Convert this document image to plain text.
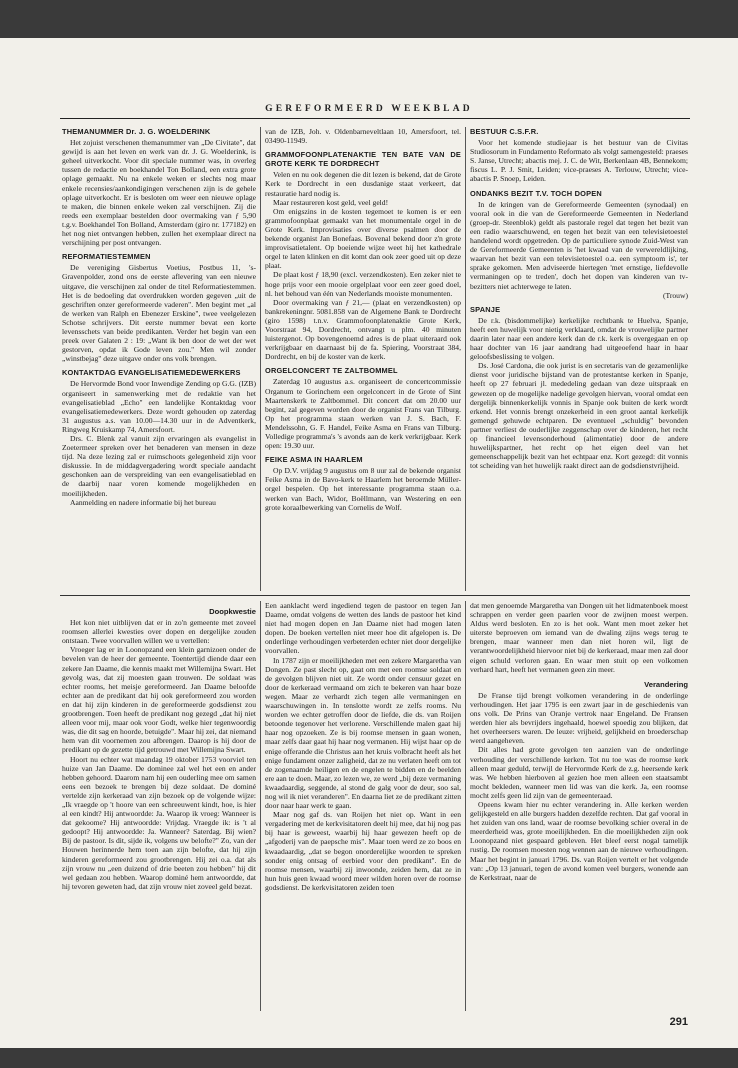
GEREFORMEERD WEEKBLAD
THEMANUMMER Dr. J. G. WOELDERINK

Het zojuist verschenen themanummer van „De Civitate", dat gewijd is aan het leven en werk van dr. J. G. Woelderink, is geheel uitverkocht. Voor dit speciale nummer was, in overleg tussen de redactie en boekhandel Ton Bolland, een extra grote oplage gemaakt. Nu na enkele weken er slechts nog maar enkele recensies/aankondigingen verschenen zijn is de gehele oplage uitverkocht. Er is besloten om weer een nieuwe oplage te maken, die binnen enkele weken zal verschijnen. Zij die reeds een exemplaar bestelden door overmaking van ƒ 5,90 t.g.v. Boekhandel Ton Bolland, Amsterdam (giro nr. 177182) en het nog niet ontvangen hebben, zullen het exemplaar direct na verschijning per post ontvangen.

REFORMATIESTEMMEN

De vereniging Gisbertus Voetius, Postbus 11, 's-Gravenpolder, zond ons de eerste aflevering van een nieuwe uitgave, die verschijnen zal onder de titel Reformatiestemmen. Het is de bedoeling dat overdrukken worden gegeven „uit de geschriften onzer gereformeerde vaderen". Men begint met „al de werken van Ralph en Ebenezer Erskine", twee veelgelezen Schotse schrijvers. Dit eerste nummer bevat een korte levensschets van beide predikanten. Verder het begin van een preek over Galaten 2 : 19: „Want ik ben door de wet der wet gestorven, opdat ik Gode leven zou." Men wil zonder „winstbejag" deze uitgave onder ons volk brengen.

KONTAKTDAG EVANGELISATIEMEDEWERKERS

De Hervormde Bond voor Inwendige Zending op G.G. (IZB) organiseert in samenwerking met de redaktie van het evangelisatieblad „Echo" een landelijke Kontaktdag voor evangelisatiemedewerkers. Deze wordt gehouden op zaterdag 31 augustus a.s. van 10.00—14.30 uur in de Adventkerk, Ringweg Kruiskamp 74, Amersfoort.

Drs. C. Blenk zal vanuit zijn ervaringen als evangelist in Zoetermeer spreken over het benaderen van mensen in deze tijd. Na deze lezing zal er ruimschoots gelegenheid zijn voor diskussie. In de middagvergadering wordt speciale aandacht geschonken aan de verspreiding van een evangelisatieblad en de daarbij naar voren komende mogelijkheden en moeilijkheden.

Aanmelding en nadere informatie bij het bureau

van de IZB, Joh. v. Oldenbarneveltlaan 10, Amersfoort, tel. 03490-11949.

GRAMMOFOONPLATENAKTIE TEN BATE VAN DE GROTE KERK TE DORDRECHT

Velen en nu ook degenen die dit lezen is bekend, dat de Grote Kerk te Dordrecht in een dusdanige staat verkeert, dat restauratie hard nodig is.

Maar restaureren kost geld, veel geld!

Om enigszins in de kosten tegemoet te komen is er een grammofoonplaat gemaakt van het monumentale orgel in de Grote Kerk. Improvisaties over diverse psalmen door de bekende organist Jan Bonefaas. Bovenal bekend door z'n grote improvisatietalent. Op boeiende wijze weet hij het kathedrale orgel te laten klinken en dit komt dan ook zeer goed uit op deze plaat.

De plaat kost ƒ 18,90 (excl. verzendkosten). Een zeker niet te hoge prijs voor een mooie orgelplaat voor een zeer goed doel, nl. het behoud van één van Nederlands mooiste monumenten.

Door overmaking van ƒ 21,— (plaat en verzendkosten) op bankrekeningnr. 5081.858 van de Algemene Bank te Dordrecht (giro 1598) t.n.v. Grammofoonplatenaktie Grote Kerk, Voorstraat 94, Dordrecht, ontvangt u plm. 40 minuten luistergenot. Op bovengenoemd adres is de plaat uiteraard ook verkrijgbaar en daarnaast bij de fa. Spiering, Voorstraat 384, Dordrecht, en bij de koster van de kerk.

ORGELCONCERT TE ZALTBOMMEL

Zaterdag 10 augustus a.s. organiseert de concertcommissie Organum te Gorinchem een orgelconcert in de Grote of Sint Maartenskerk te Zaltbommel. Dit concert dat om 20.00 uur begint, zal gegeven worden door de organist Frans van Tilburg. Op het programma staan werken van J. S. Bach, F. Mendelssohn, G. F. Handel, Feike Asma en Frans van Tilburg. Volledige programma's 's avonds aan de kerk verkrijgbaar. Kerk open: 19.30 uur.

FEIKE ASMA IN HAARLEM

Op D.V. vrijdag 9 augustus om 8 uur zal de bekende organist Feike Asma in de Bavo-kerk te Haarlem het beroemde Müller-orgel bespelen. Op het interessante programma staan o.a. werken van Bach, Widor, Boëllmann, van Westering en een grote koraalbewerking van Cornelis de Wolf.

BESTUUR C.S.F.R.

Voor het komende studiejaar is het bestuur van de Civitas Studiosorum in Fundamento Reformato als volgt samengesteld: praeses S. Janse, Utrecht; abactis mej. J. C. de Wit, Berkenlaan 4B, Bennekom; fiscus L. P. J. Smit, Leiden; vice-praeses A. Terlouw, Utrecht; vice-abactis P. Snoep, Leiden.

ONDANKS BEZIT T.V. TOCH DOPEN

In de kringen van de Gereformeerde Gemeenten (synodaal) en vooral ook in die van de Gereformeerde Gemeenten in Nederland (groep-dr. Steenblok) geldt als pastorale regel dat tegen het bezit van een radio waarschuwend, en tegen het bezit van een televisietoestel handelend wordt opgetreden. Op de particuliere synode Zuid-West van de Gereformeerde Gemeenten is 'het kwaad van de verwereldlijking, waarvan het bezit van een televisietoestel o.a. een symptoom is', ter sprake gekomen. Men adviseerde hiertegen 'met ernstige, liefdevolle vermaningen op te treden', doch het dopen van kinderen van tv-bezitters niet achterwege te laten.

(Trouw)

SPANJE

De r.k. (bisdommelijke) kerkelijke rechtbank te Huelva, Spanje, heeft een huwelijk voor nietig verklaard, omdat de vrouwelijke partner daarin later naar een andere kerk dan de r.k. kerk is overgegaan en op haar dochter van 16 jaar aandrang had uitgeoefend haar in haar geloofsbeslissing te volgen.

Ds. José Cardona, die ook jurist is en secretaris van de gezamenlijke dienst voor juridische bijstand van de protestantse kerken in Spanje, heeft op 27 februari jl. mededeling gedaan van deze uitspraak en gewezen op de mogelijke nadelige gevolgen hiervan, vooral omdat een dergelijk binnenkerkelijk vonnis in Spanje ook buiten de kerk wordt erkend. Het vonnis brengt onzekerheid in een groot aantal kerkelijk gemengd gehuwde echtparen. De eventueel „schuldig" bevonden partner verliest de ouderlijke zeggenschap over de kinderen, het recht op financieel levensonderhoud (alimentatie) door de andere huwelijkspartner, het recht op het eigen deel van het gemeenschappelijk bezit van het echtpaar enz. Kort gezegd: dit vonnis tot scheiding van het huwelijk raakt direct aan de godsdienstvrijheid.

Doopkwestie

Het kon niet uitblijven dat er in zo'n gemeente met zoveel roomsen allerlei kwesties over dopen en dergelijke zouden ontstaan. Twee voorvallen willen we u vertellen:

Vroeger lag er in Loonopzand een klein garnizoen onder de bevelen van de heer der gemeente. Toentertijd diende daar een zekere Jan Daame, die kennis maakt met Willemijna Swart. Het gevolg was, dat zij moesten gaan trouwen. De soldaat was echter rooms, het meisje gereformeerd. Jan Daame beloofde echter aan de predikant dat hij ook gereformeerd zou worden en dat hij zijn kinderen in de gereformeerde godsdienst zou grootbrengen. Toen heeft de predikant nog gezegd „dat hij niet alleen voor mij, maar ook voor Godt, welke hier tegenwoordig was, die dit sag en hoorde, betuigde". Maar hij zei, dat niemand hem van dit voornemen zou afbrengen. Daarop is hij door de predikant op de gezette tijd getrouwd met Willemijna Swart.

Hoort nu echter wat maandag 19 oktober 1753 voorviel ten huize van Jan Daame. De dominee zal wel het een en ander hebben gehoord. Daarom nam hij een ouderling mee om samen eens een bezoek te brengen bij deze soldaat. De dominé vertelde zijn kerkeraad van zijn bezoek op de volgende wijze: „Ik vraegde op 't hoore van een schreeuwent kindt, hoe, is hier al een kindt? Hij antwoordde: Ja. Waarop ik vroeg: Wanneer is dat gekoome? Hij antwoordde: Vrijdag. Vraegde ik: is 't al gedoopt? Hij antwoordde: Ja. Wanneer? Saterdag. Bij wien? Bij de pastoor. Is dit, sijde ik, volgens uw belofte?" Zo, van der Houwen herinnerde hem toen aan zijn belofte, dat hij zijn kinderen gereformeerd zou grootbrengen. Hij zei o.a. dat als zijn vrouw nu „een duizend of drie beeten zou hebben" hij dit wel gedaan zou hebben. Waarop dominé hem antwoordde, dat hij tevoren geweten had, dat zijn vrouw niet zoveel geld bezat.

Een aanklacht werd ingediend tegen de pastoor en tegen Jan Daame, omdat volgens de wetten des lands de pastoor het kind niet had mogen dopen en Jan Daame niet had mogen laten dopen. De boeken vertellen niet meer hoe dit afgelopen is. De onderlinge verhoudingen verbeterden echter niet door dergelijke voorvallen.

In 1787 zijn er moeilijkheden met een zekere Margaretha van Dongen. Ze past slecht op, gaat om met een roomse soldaat en de gevolgen blijven niet uit. Ze wordt onder censuur gezet en door de kerkeraad vermaand om zich te bekeren van haar boze wegen. Maar ze verhardt zich tegen alle vermaningen en waarschuwingen in. In tenslotte wordt ze zelfs rooms. Nu worden we echter getroffen door de liefde, die ds. van Roijen betoonde tegenover het verlorene. Verschillende malen gaat hij haar nog opzoeken. Ze is bij roomse mensen in gaan wonen, maar zelfs daar gaat hij haar nog vermanen. Hij wijst haar op de enige offerande die Christus aan het kruis volbracht heeft als het enige fundament onzer zaligheid, dat ze nu verlaten heeft om tot de zogenaamde heiligen en de engelen te bidden en de beelden ere aan te doen. Maar, zo lezen we, ze werd „bij deze vermaning kwaadaardig, seggende, al stond de galg voor de deur, soo sal, nog wil ik niet veranderen". En daarna liet ze de predikant zitten door naar haar werk te gaan.

Maar nog gaf ds. van Roijen het niet op. Want in een vergadering met de kerkvisitatoren deelt hij mee, dat hij nog pas bij haar is geweest, waarbij hij haar gewezen heeft op de „afgoderij van de paepsche mis". Maar toen werd ze zo boos en kwaadaardig, „dat se begon onorderelijke woorden te spreken sonder enig ontsag of eerbied voor den predikant". En de roomse mensen, waarbij zij inwoonde, zeiden hem, dat ze in hun huis geen kwaad woord meer wilden horen over de roomse godsdienst. De kerkvisitatoren zeiden toen

dat men genoemde Margaretha van Dongen uit het lidmatenboek moest schrappen en verder geen paarlen voor de zwijnen moest werpen. Aldus werd besloten. En zo is het ook. Want men moet zeker het uiterste beproeven om iemand van de dwaling zijns wegs terug te brengen, maar wanneer men dan niet horen wil, ligt de verantwoordelijkheid hiervoor niet bij de kerkeraad, maar men zal door eigen schuld verloren gaan. En waar men stuit op een volkomen verhard hart, heeft het vermanen geen zin meer.

Verandering

De Franse tijd brengt volkomen verandering in de onderlinge verhoudingen. Het jaar 1795 is een zwart jaar in de geschiedenis van ons volk. De Prins van Oranje vertrok naar Engeland. De Fransen werden hier als bevrijders ingehaald, hoewel spoedig zou blijken, dat het overheersers waren. De leuze: vrijheid, gelijkheid en broederschap werd aangeheven.

Dit alles had grote gevolgen ten aanzien van de onderlinge verhouding der verschillende kerken. Tot nu toe was de roomse kerk alleen maar geduld, terwijl de Hervormde Kerk de z.g. heersende kerk was. We hebben hierboven al gezien hoe men alleen een staatsambt mocht bekleden, wanneer men lid was van die kerk. Ja, een roomse mocht zelfs geen lid zijn van de gemeenteraad.

Opeens kwam hier nu echter verandering in. Alle kerken werden gelijkgesteld en alle burgers hadden dezelfde rechten. Dat gaf vooral in het zuiden van ons land, waar de roomse bevolking schier overal in de meerderheid was, grote moeilijkheden. En die moeilijkheden zijn ook Loonopzand niet gespaard gebleven. Het bleef eerst nogal tamelijk rustig. De roomsen moesten nog wennen aan de nieuwe verhoudingen. Maar het begint in januari 1796. Ds. van Roijen vertelt er het volgende van: „Op 13 januari, tegen de avond komen veel burgers, wonende aan de Kerkstraat, naar de

291
